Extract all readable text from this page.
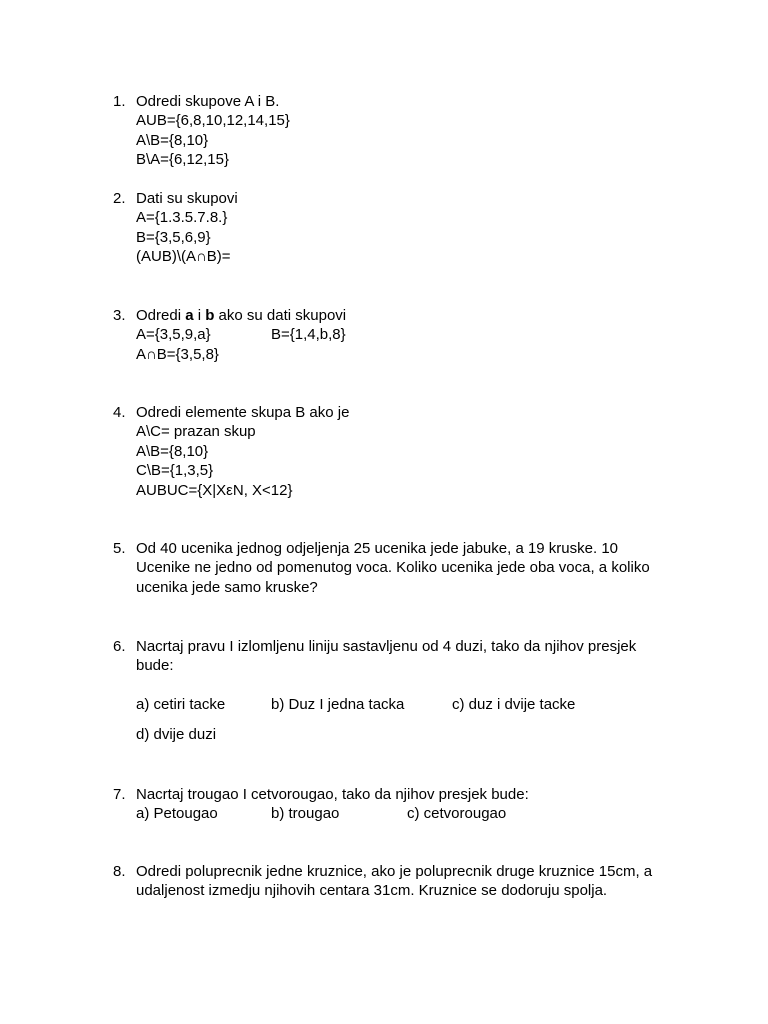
1. Odredi skupove A i B.
AUB={6,8,10,12,14,15}
A\B={8,10}
B\A={6,12,15}
2. Dati su skupovi
A={1.3.5.7.8.}
B={3,5,6,9}
(AUB)\(A∩B)=
3. Odredi a i b ako su dati skupovi
A={3,5,9,a}	B={1,4,b,8}
A∩B={3,5,8}
4. Odredi elemente skupa B ako je
A\C= prazan skup
A\B={8,10}
C\B={1,3,5}
AUBUC={X|XεN, X<12}
5. Od 40 ucenika jednog odjeljenja 25 ucenika jede jabuke, a 19 kruske. 10
Ucenike ne jedno od pomenutog voca. Koliko ucenika jede oba voca, a koliko
ucenika jede samo kruske?
6. Nacrtaj pravu I izlomljenu liniju sastavljenu od 4 duzi, tako da njihov presjek
bude:
a) cetiri tacke	b) Duz I jedna tacka	c) duz i dvije tacke
d) dvije duzi
7. Nacrtaj trougao I cetvorougao, tako da njihov presjek bude:
a) Petougao	b) trougao	c) cetvorougao
8. Odredi poluprecnik jedne kruznice, ako je poluprecnik druge kruznice 15cm, a
udaljenost izmedju njihovih centara 31cm. Kruznice se dodoruju spolja.
